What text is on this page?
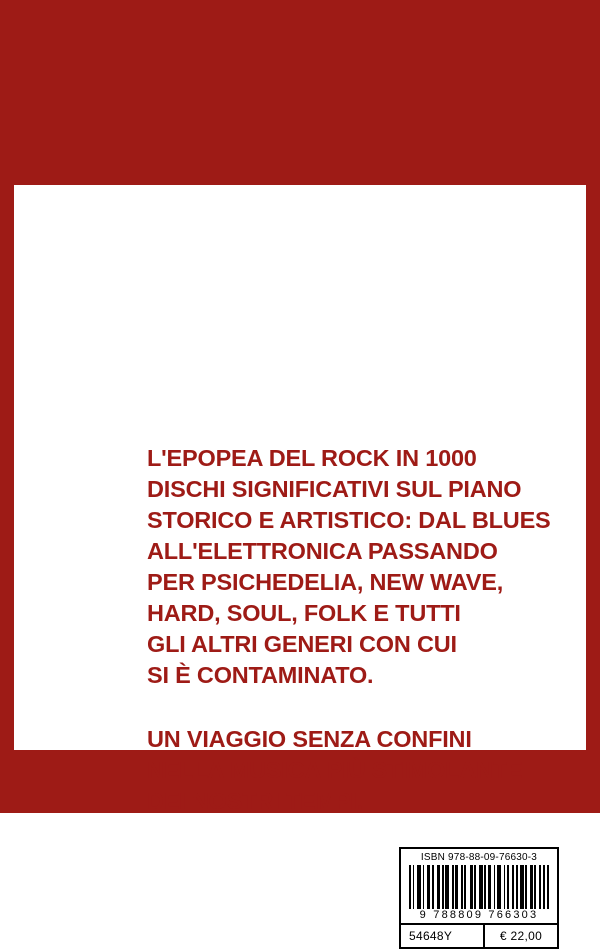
L'EPOPEA DEL ROCK IN 1000
DISCHI SIGNIFICATIVI SUL PIANO
STORICO E ARTISTICO: DAL BLUES
ALL'ELETTRONICA PASSANDO
PER PSICHEDELIA, NEW WAVE,
HARD, SOUL, FOLK E TUTTI
GLI ALTRI GENERI CON CUI
SI È CONTAMINATO.

UN VIAGGIO SENZA CONFINI
NELLA MUSICA PIÙ STIMOLANTE
DEI NOSTRI TEMPI.

ISBN 978-88-09-76630-3
9 788809 766303
54648Y	€ 22,00
